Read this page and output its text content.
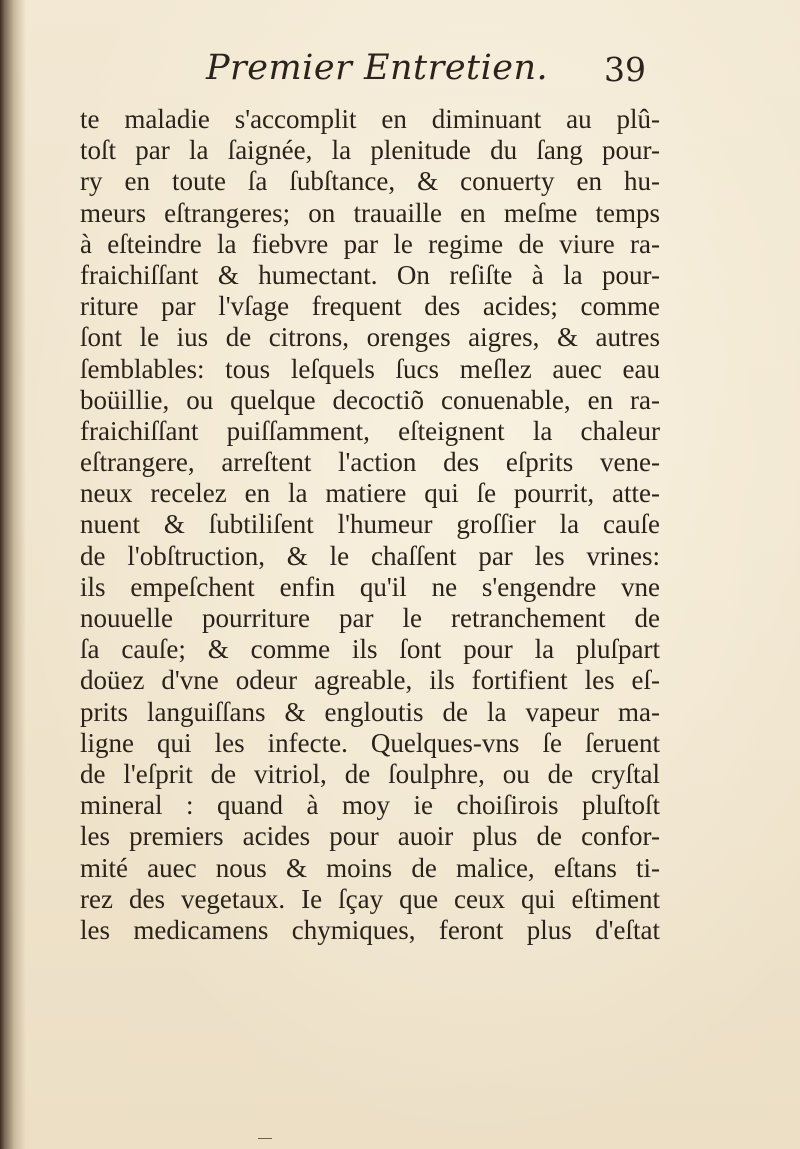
Premier Entretien. 39
te maladie s'accomplit en diminuant au plû-
toſt par la ſaignée, la plenitude du ſang pour-
ry en toute ſa ſubſtance, & conuerty en hu-
meurs eſtrangeres; on trauaille en meſme temps
à eſteindre la fiebvre par le regime de viure ra-
fraichiſſant & humectant. On reſiſte à la pour-
riture par l'vſage frequent des acides; comme
ſont le ius de citrons, orenges aigres, & autres
ſemblables: tous leſquels ſucs meſlez auec eau
boüillie, ou quelque decoctiõ conuenable, en ra-
fraichiſſant puiſſamment, eſteignent la chaleur
eſtrangere, arreſtent l'action des eſprits vene-
neux recelez en la matiere qui ſe pourrit, atte-
nuent & ſubtiliſent l'humeur groſſier la cauſe
de l'obſtruction, & le chaſſent par les vrines:
ils empeſchent enfin qu'il ne s'engendre vne
nouuelle pourriture par le retranchement de
ſa cauſe; & comme ils ſont pour la pluſpart
doüez d'vne odeur agreable, ils fortifient les eſ-
prits languiſſans & engloutis de la vapeur ma-
ligne qui les infecte. Quelques-vns ſe ſeruent
de l'eſprit de vitriol, de ſoulphre, ou de cryſtal
mineral : quand à moy ie choiſirois pluſtoſt
les premiers acides pour auoir plus de confor-
mité auec nous & moins de malice, eſtans ti-
rez des vegetaux. Ie ſçay que ceux qui eſtiment
les medicamens chymiques, feront plus d'eſtat
